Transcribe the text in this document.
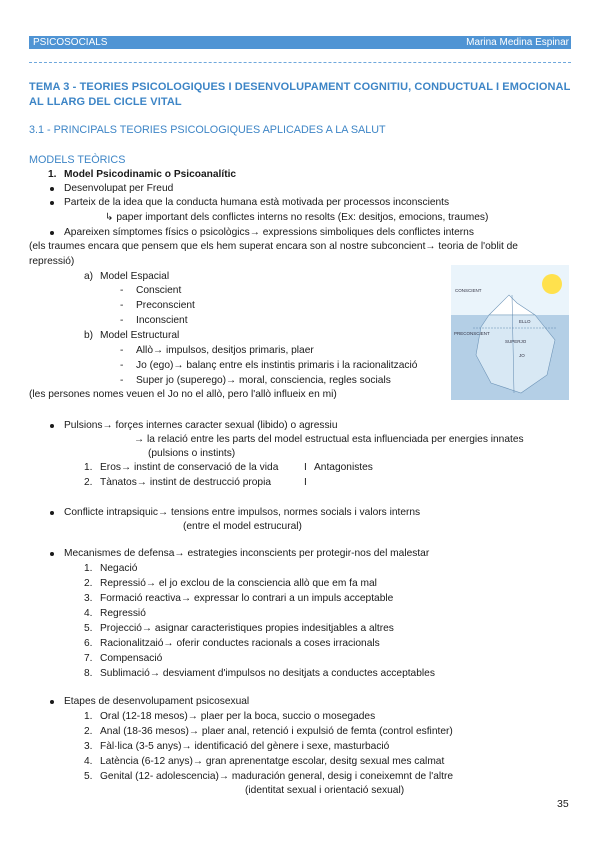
PSICOSOCIALS	Marina Medina Espinar
TEMA 3 - TEORIES PSICOLOGIQUES I DESENVOLUPAMENT COGNITIU, CONDUCTUAL I EMOCIONAL
AL LLARG DEL CICLE VITAL
3.1 - PRINCIPALS TEORIES PSICOLOGIQUES APLICADES A LA SALUT
MODELS TEÒRICS
1. Model Psicodinamic o Psicoanalític
Desenvolupat per Freud
Parteix de la idea que la conducta humana està motivada per processos inconscients
↳ paper important dels conflictes interns no resolts (Ex: desitjos, emocions, traumes)
Apareixen símptomes físics o psicològics→ expressions simboliques dels conflictes interns
(els traumes encara que pensem que els hem superat encara son al nostre subconcient→ teoria de l'oblit de
repressió)
a) Model Espacial
- Conscient
- Preconscient
- Inconscient
b) Model Estructural
- Allò→ impulsos, desitjos primaris, plaer
- Jo (ego)→ balanç entre els instintis primaris i la racionalització
- Super jo (superego)→ moral, consciencia, regles socials
(les persones nomes veuen el Jo no el allò, pero l'allò influeix en mi)
CONSCIENT
ELLO
SUPERJO
PRECONSCIENT
JO
Pulsions→ forçes internes caracter sexual (libido) o agressiu
→ la relació entre les parts del model estructual esta influenciada per energies innates
(pulsions o instints)
1. Eros→ instint de conservació de la vida	I Antagonistes
2. Tànatos→ instint de destrucció propia	I
Conflicte intrapsiquic→ tensions entre impulsos, normes socials i valors interns
(entre el model estrucural)
Mecanismes de defensa→ estrategies inconscients per protegir-nos del malestar
1. Negació
2. Repressió→ el jo exclou de la consciencia allò que em fa mal
3. Formació reactiva→ expressar lo contrari a un impuls acceptable
4. Regressió
5. Projecció→ asignar caracteristiques propies indesitjables a altres
6. Racionalitzaió→ oferir conductes racionals a coses irracionals
7. Compensació
8. Sublimació→ desviament d'impulsos no desitjats a conductes acceptables
Etapes de desenvolupament psicosexual
1. Oral (12-18 mesos)→ plaer per la boca, succio o mosegades
2. Anal (18-36 mesos)→ plaer anal, retenció i expulsió de femta (control esfinter)
3. Fàl·lica (3-5 anys)→ identificació del gènere i sexe, masturbació
4. Latència (6-12 anys)→ gran aprenentatge escolar, desitg sexual mes calmat
5. Genital (12- adolescencia)→ maduración general, desig i coneixemnt de l'altre
(identitat sexual i orientació sexual)
35
